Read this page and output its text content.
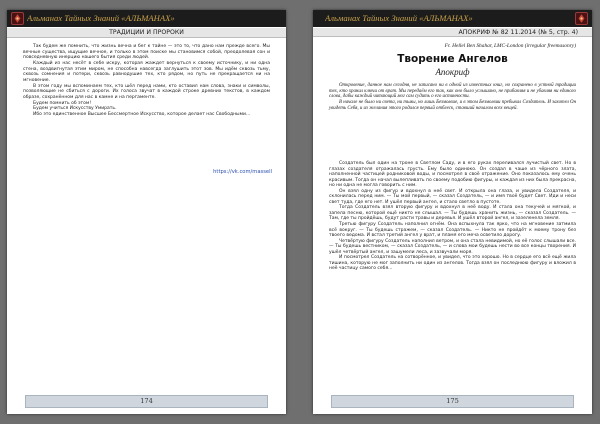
Альманах Тайных Знаний «АЛЬМАНАХ»
ТРАДИЦИИ И ПРОРОКИ

Так будем же помнить, что жизнь вечна и бег к тайне — это то, что дано нам прежде всего. Мы вечные существа, ищущие вечное, и только в этом поиске мы становимся собой, преодолевая сон и повседневную инерцию нашего бытия среди людей.

Каждый из нас несёт в себе искру, которая жаждет вернуться к своему источнику, и ни одна стена, воздвигнутая этим миром, не способна навсегда заглушить этот зов. Мы идём сквозь тьму, сквозь сомнения и потери, сквозь равнодушие тех, кто рядом, но путь не прекращается ни на мгновение.

В этом году мы вспоминаем тех, кто шёл перед нами, кто оставил нам слова, знаки и символы, позволяющие не сбиться с дороги. Их голоса звучат в каждой строке древних текстов, в каждом образе, сохранённом для нас в камне и на пергаменте.

Будем помнить об этом!

Будем учиться Искусству Умирать.

Ибо это единственное Высшее Бессмертное Искусство, которое делает нас Свободными...

https://vk.com/massell
174
Альманах Тайных Знаний «АЛЬМАНАХ»
АПОКРИФ № 82 11.2014 (№ 5, стр. 4)
Fr. Hellel Ben Shahar, LMC-London (irregular freemasonry)
Творение Ангелов
Апокриф

Откровение, данное нам сегодня, не записано ни в одной из известных книг, но сохранено в устной традиции тех, кто хранил ключи от врат. Мы передаём его так, как оно было услышано, не прибавляя и не убавляя ни единого слова, дабы каждый читающий мог сам судить о его истинности.

В начале не было ни света, ни тьмы, но лишь Безмолвие, и в этом Безмолвии пребывал Создатель. И захотел Он увидеть Себя, и из желания этого родился первый отблеск, ставший началом всех вещей.

Создатель был один на троне в Светлом Саду, и в его руках переливался лучистый свет. Но в глазах создателя отражалась грусть. Ему было одиноко. Он создал в чаше из чёрного злата, наполненной частицей родниковой воды, и посмотрел в своё отражение. Оно показалось ему очень красивым. Тогда он начал вылепливать по своему подобию фигуры, и каждая из них была прекрасна, но ни одна не могла говорить с ним.

Он взял одну из фигур и вдохнул в неё свет. И открыла она глаза, и увидела Создателя, и склонилась перед ним. — Ты мой первый, — сказал Создатель, — и имя твоё будет Свет. Иди и неси свет туда, где его нет. И ушёл первый ангел, и стало светло в пустоте.

Тогда Создатель взял вторую фигуру и вдохнул в неё воду. И стала она текучей и мягкой, и запела песню, которой ещё никто не слышал. — Ты будешь хранить жизнь, — сказал Создатель. — Там, где ты пройдёшь, будут расти травы и деревья. И ушёл второй ангел, и зазеленела земля.

Третью фигуру Создатель наполнил огнём. Она вспыхнула так ярко, что на мгновение затмила всё вокруг. — Ты будешь стражем, — сказал Создатель. — Никто не пройдёт к моему трону без твоего ведома. И встал третий ангел у врат, и пламя его меча осветило дорогу.

Четвёртую фигуру Создатель наполнил ветром, и она стала невидимой, но её голос слышали все. — Ты будешь вестником, — сказал Создатель, — и слова мои будешь нести во все концы творения. И ушёл четвёртый ангел, и зашумели леса, и зазвучали моря.

И посмотрел Создатель на сотворённое, и увидел, что это хорошо. Но в сердце его всё ещё жила тишина, которую не мог заполнить ни один из ангелов. Тогда взял он последнюю фигуру и вложил в неё частицу самого себя...

175
